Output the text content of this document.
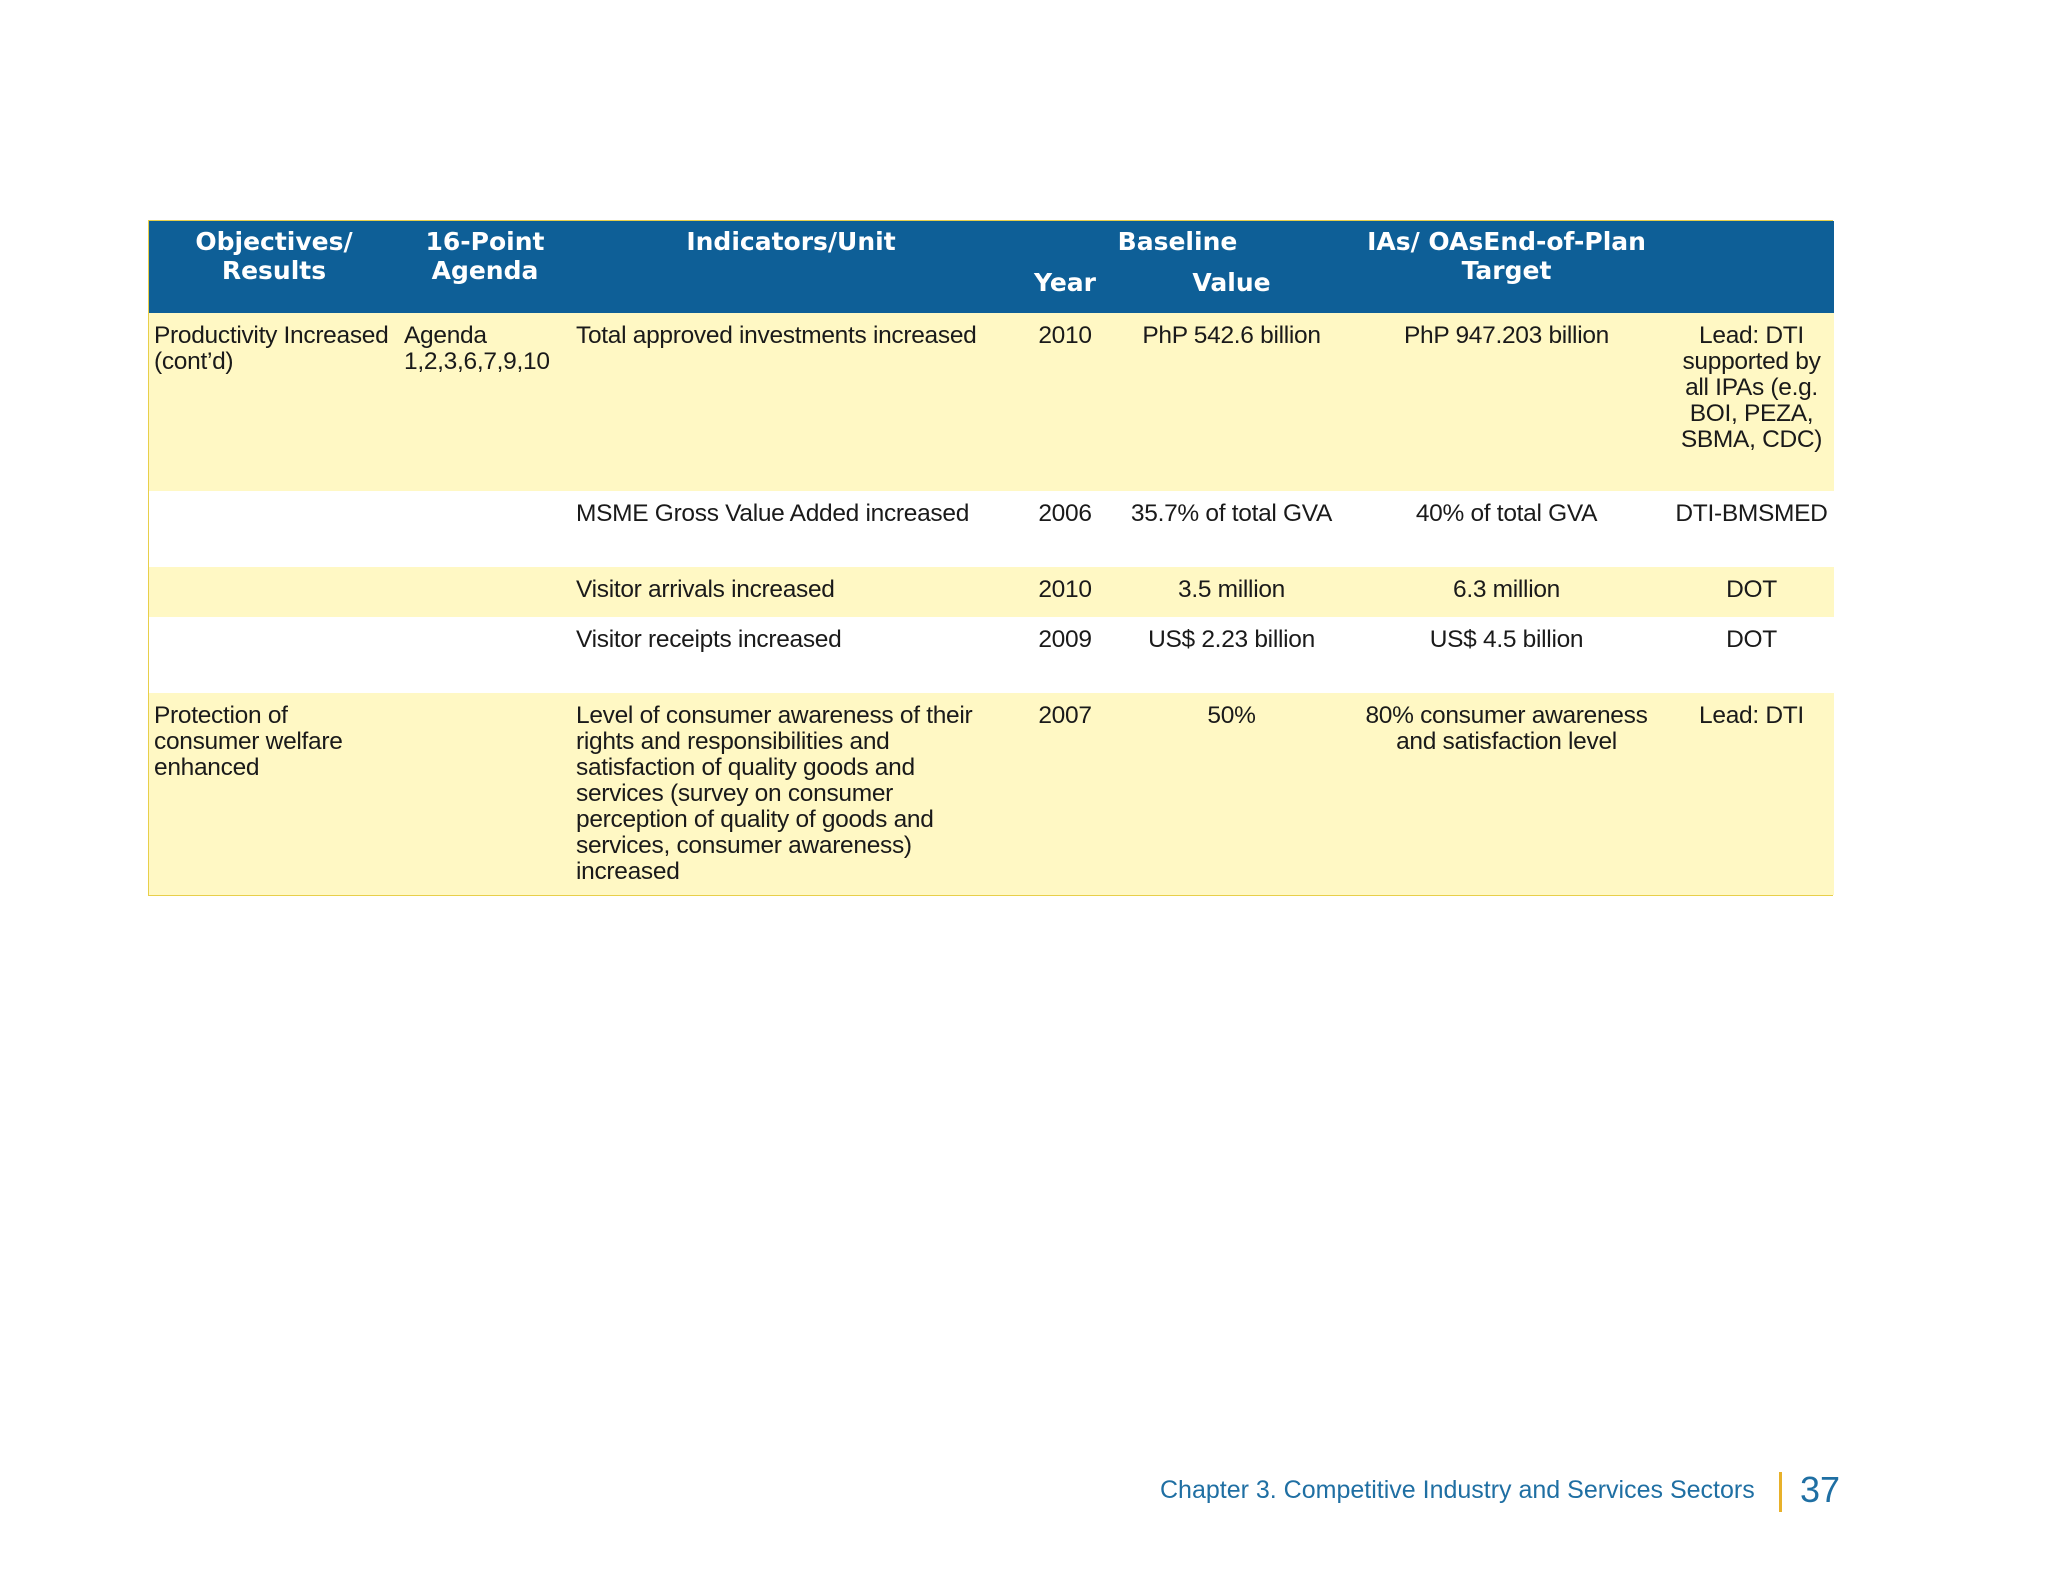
Objectives/ Results	16-Point Agenda	Indicators/Unit	Baseline		IAs/ OAsEnd-of-Plan Target	
			Year	Value		
Productivity Increased (cont’d)	Agenda 1,2,3,6,7,9,10	Total approved investments increased	2010	PhP 542.6 billion	PhP 947.203 billion	Lead: DTI supported by all IPAs (e.g. BOI, PEZA, SBMA, CDC)
		MSME Gross Value Added increased	2006	35.7% of total GVA	40% of total GVA	DTI-BMSMED
		Visitor arrivals increased	2010	3.5 million	6.3 million	DOT
		Visitor receipts increased	2009	US$ 2.23 billion	US$ 4.5 billion	DOT
Protection of consumer welfare enhanced		Level of consumer awareness of their rights and responsibilities and satisfaction of quality goods and services (survey on consumer perception of quality of goods and services, consumer awareness) increased	2007	50%	80% consumer awareness and satisfaction level	Lead: DTI
Chapter 3. Competitive Industry and Services Sectors 37
